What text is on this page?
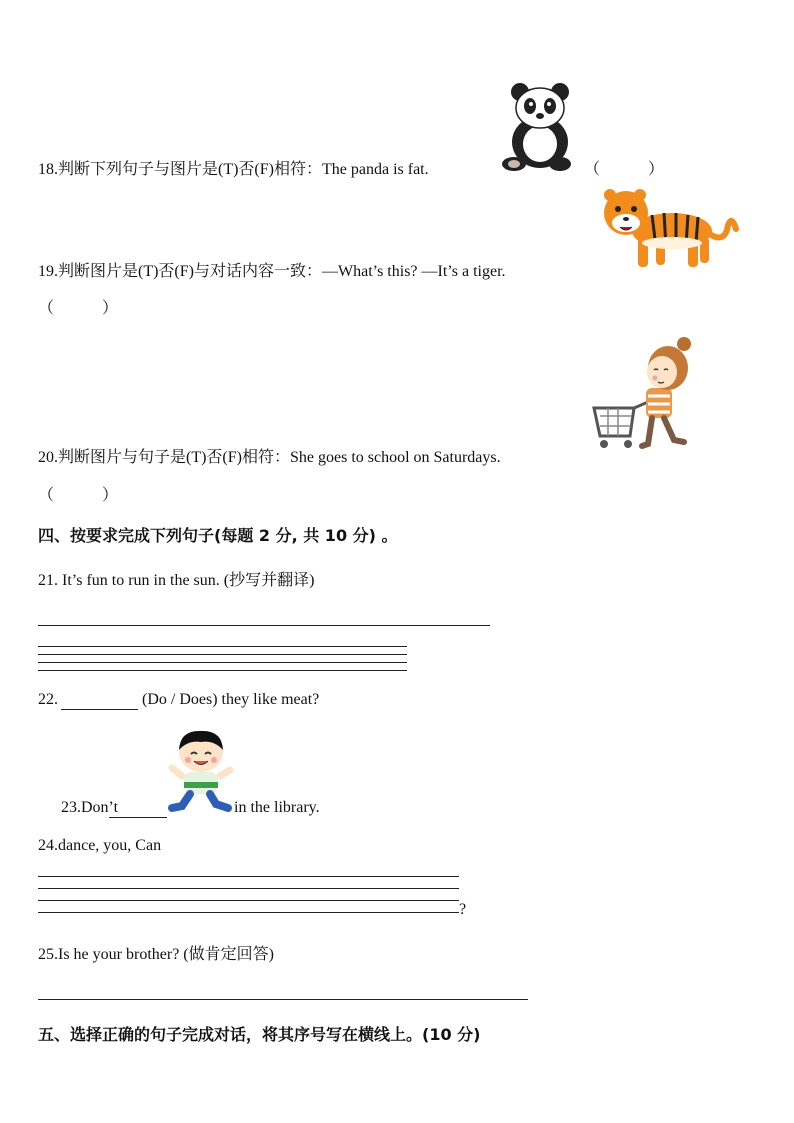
18.判断下列句子与图片是(T)否(F)相符：The panda is fat.	（　　　）
19.判断图片是(T)否(F)与对话内容一致：—What’s this? —It’s a tiger.
（　　　）
20.判断图片与句子是(T)否(F)相符：She goes to school on Saturdays.
（　　　）
四、按要求完成下列句子(每题 2 分, 共 10 分) 。
21. It’s fun to run in the sun. (抄写并翻译)
22.	(Do / Does) they like meat?
23.Don’t	in the library.
24.dance, you, Can
?
25.Is he your brother? (做肯定回答)
五、选择正确的句子完成对话，将其序号写在横线上。(10 分)
